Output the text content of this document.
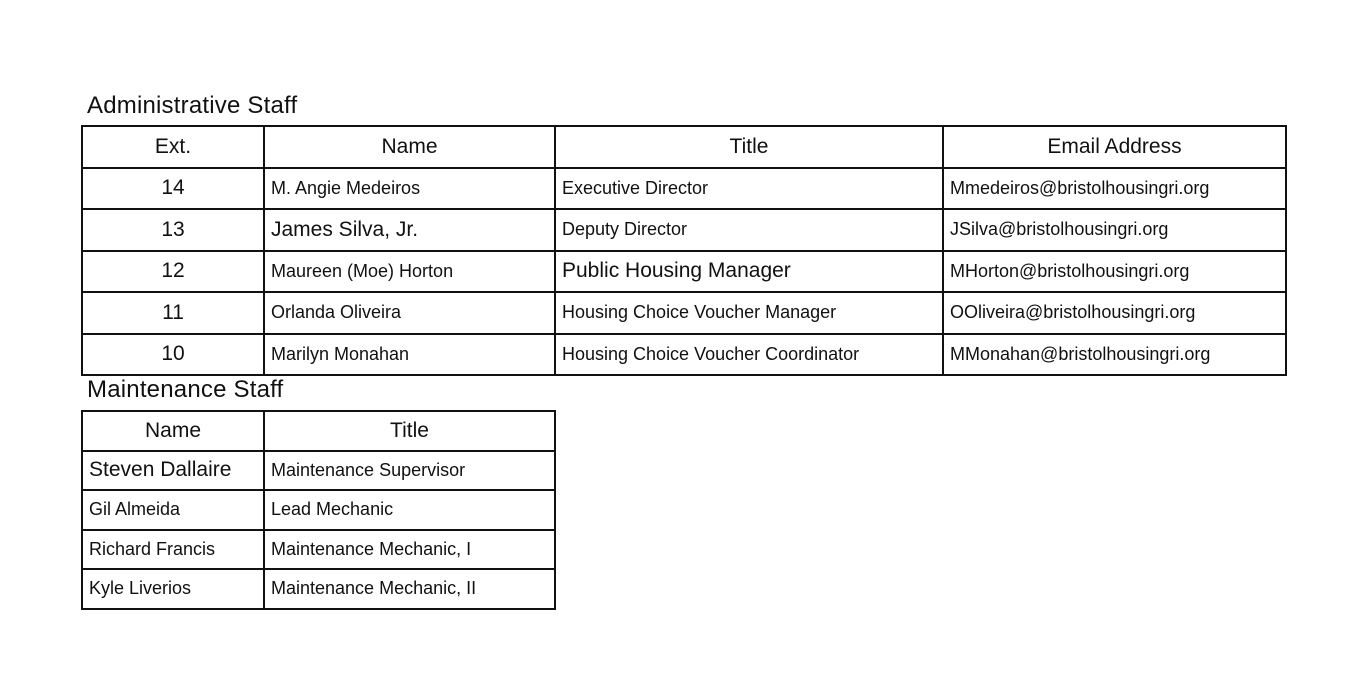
Administrative Staff
Ext.	Name	Title	Email Address
14	M. Angie Medeiros	Executive Director	Mmedeiros@bristolhousingri.org
13	James Silva, Jr.	Deputy Director	JSilva@bristolhousingri.org
12	Maureen (Moe) Horton	Public Housing Manager	MHorton@bristolhousingri.org
11	Orlanda Oliveira	Housing Choice Voucher Manager	OOliveira@bristolhousingri.org
10	Marilyn Monahan	Housing Choice Voucher Coordinator	MMonahan@bristolhousingri.org
Maintenance Staff
Name	Title
Steven Dallaire	Maintenance Supervisor
Gil Almeida	Lead Mechanic
Richard Francis	Maintenance Mechanic, I
Kyle Liverios	Maintenance Mechanic, II
